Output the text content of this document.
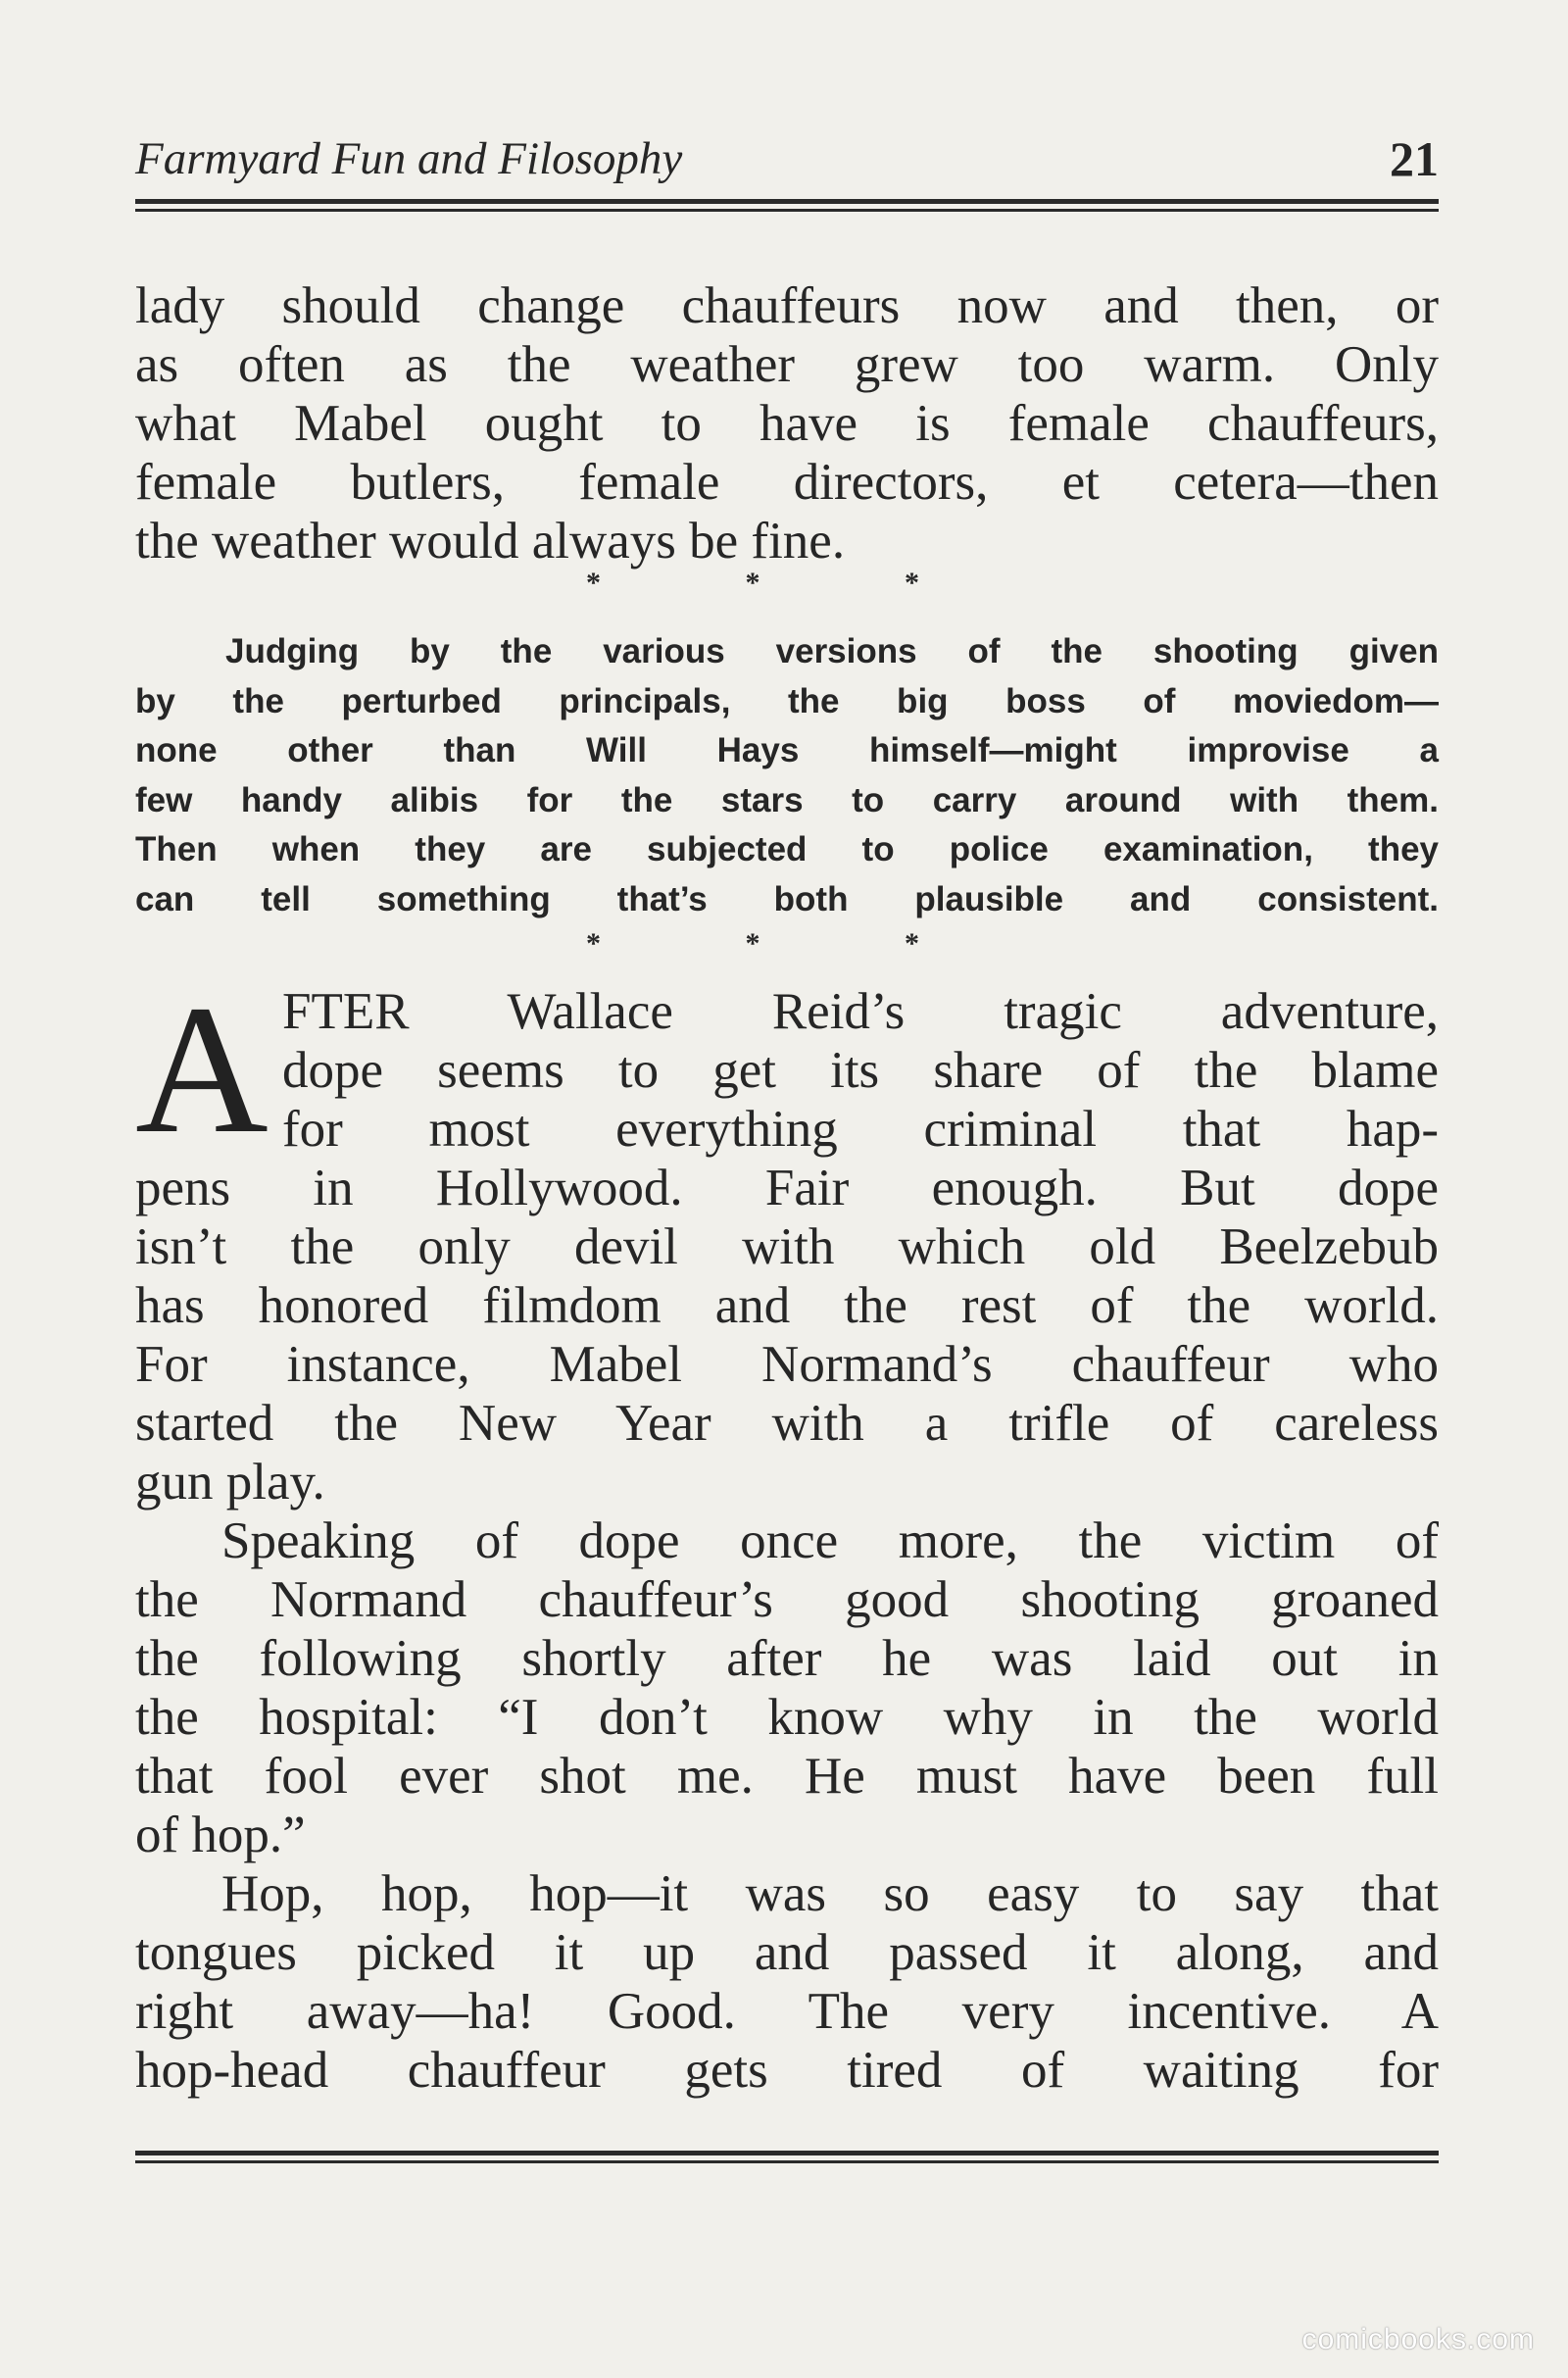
Farmyard Fun and Filosophy	21
lady should change chauffeurs now and then, or
as often as the weather grew too warm. Only
what Mabel ought to have is female chauffeurs,
female butlers, female directors, et cetera—then
the weather would always be fine.
* * *
Judging by the various versions of the shooting given
by the perturbed principals, the big boss of moviedom—
none other than Will Hays himself—might improvise a
few handy alibis for the stars to carry around with them.
Then when they are subjected to police examination, they
can tell something that’s both plausible and consistent.
* * *
A FTER Wallace Reid’s tragic adventure,
dope seems to get its share of the blame
for most everything criminal that hap-
pens in Hollywood. Fair enough. But dope
isn’t the only devil with which old Beelzebub
has honored filmdom and the rest of the world.
For instance, Mabel Normand’s chauffeur who
started the New Year with a trifle of careless
gun play.
Speaking of dope once more, the victim of
the Normand chauffeur’s good shooting groaned
the following shortly after he was laid out in
the hospital: “I don’t know why in the world
that fool ever shot me. He must have been full
of hop.”
Hop, hop, hop—it was so easy to say that
tongues picked it up and passed it along, and
right away—ha! Good. The very incentive. A
hop-head chauffeur gets tired of waiting for
comicbooks.com
